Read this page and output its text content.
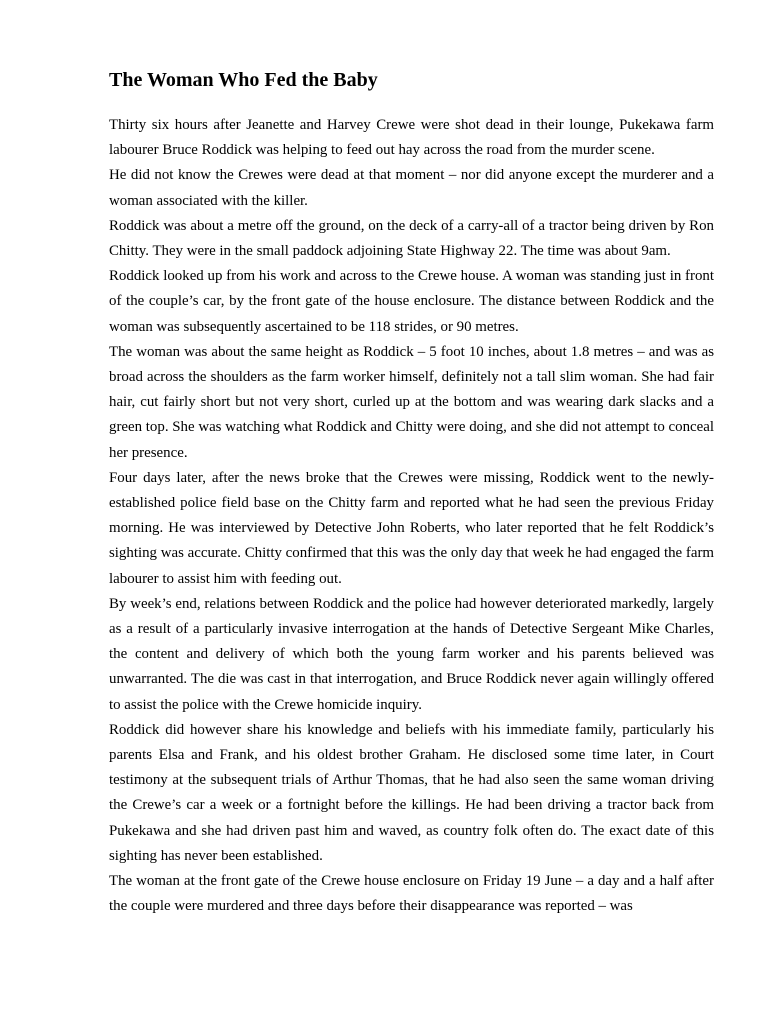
The Woman Who Fed the Baby

Thirty six hours after Jeanette and Harvey Crewe were shot dead in their lounge, Pukekawa farm labourer Bruce Roddick was helping to feed out hay across the road from the murder scene.

He did not know the Crewes were dead at that moment – nor did anyone except the murderer and a woman associated with the killer.

Roddick was about a metre off the ground, on the deck of a carry-all of a tractor being driven by Ron Chitty. They were in the small paddock adjoining State Highway 22. The time was about 9am.

Roddick looked up from his work and across to the Crewe house. A woman was standing just in front of the couple’s car, by the front gate of the house enclosure. The distance between Roddick and the woman was subsequently ascertained to be 118 strides, or 90 metres.

The woman was about the same height as Roddick – 5 foot 10 inches, about 1.8 metres – and was as broad across the shoulders as the farm worker himself, definitely not a tall slim woman. She had fair hair, cut fairly short but not very short, curled up at the bottom and was wearing dark slacks and a green top. She was watching what Roddick and Chitty were doing, and she did not attempt to conceal her presence.

Four days later, after the news broke that the Crewes were missing, Roddick went to the newly-established police field base on the Chitty farm and reported what he had seen the previous Friday morning. He was interviewed by Detective John Roberts, who later reported that he felt Roddick’s sighting was accurate. Chitty confirmed that this was the only day that week he had engaged the farm labourer to assist him with feeding out.

By week’s end, relations between Roddick and the police had however deteriorated markedly, largely as a result of a particularly invasive interrogation at the hands of Detective Sergeant Mike Charles, the content and delivery of which both the young farm worker and his parents believed was unwarranted. The die was cast in that interrogation, and Bruce Roddick never again willingly offered to assist the police with the Crewe homicide inquiry.

Roddick did however share his knowledge and beliefs with his immediate family, particularly his parents Elsa and Frank, and his oldest brother Graham. He disclosed some time later, in Court testimony at the subsequent trials of Arthur Thomas, that he had also seen the same woman driving the Crewe’s car a week or a fortnight before the killings. He had been driving a tractor back from Pukekawa and she had driven past him and waved, as country folk often do. The exact date of this sighting has never been established.

The woman at the front gate of the Crewe house enclosure on Friday 19 June – a day and a half after the couple were murdered and three days before their disappearance was reported – was
